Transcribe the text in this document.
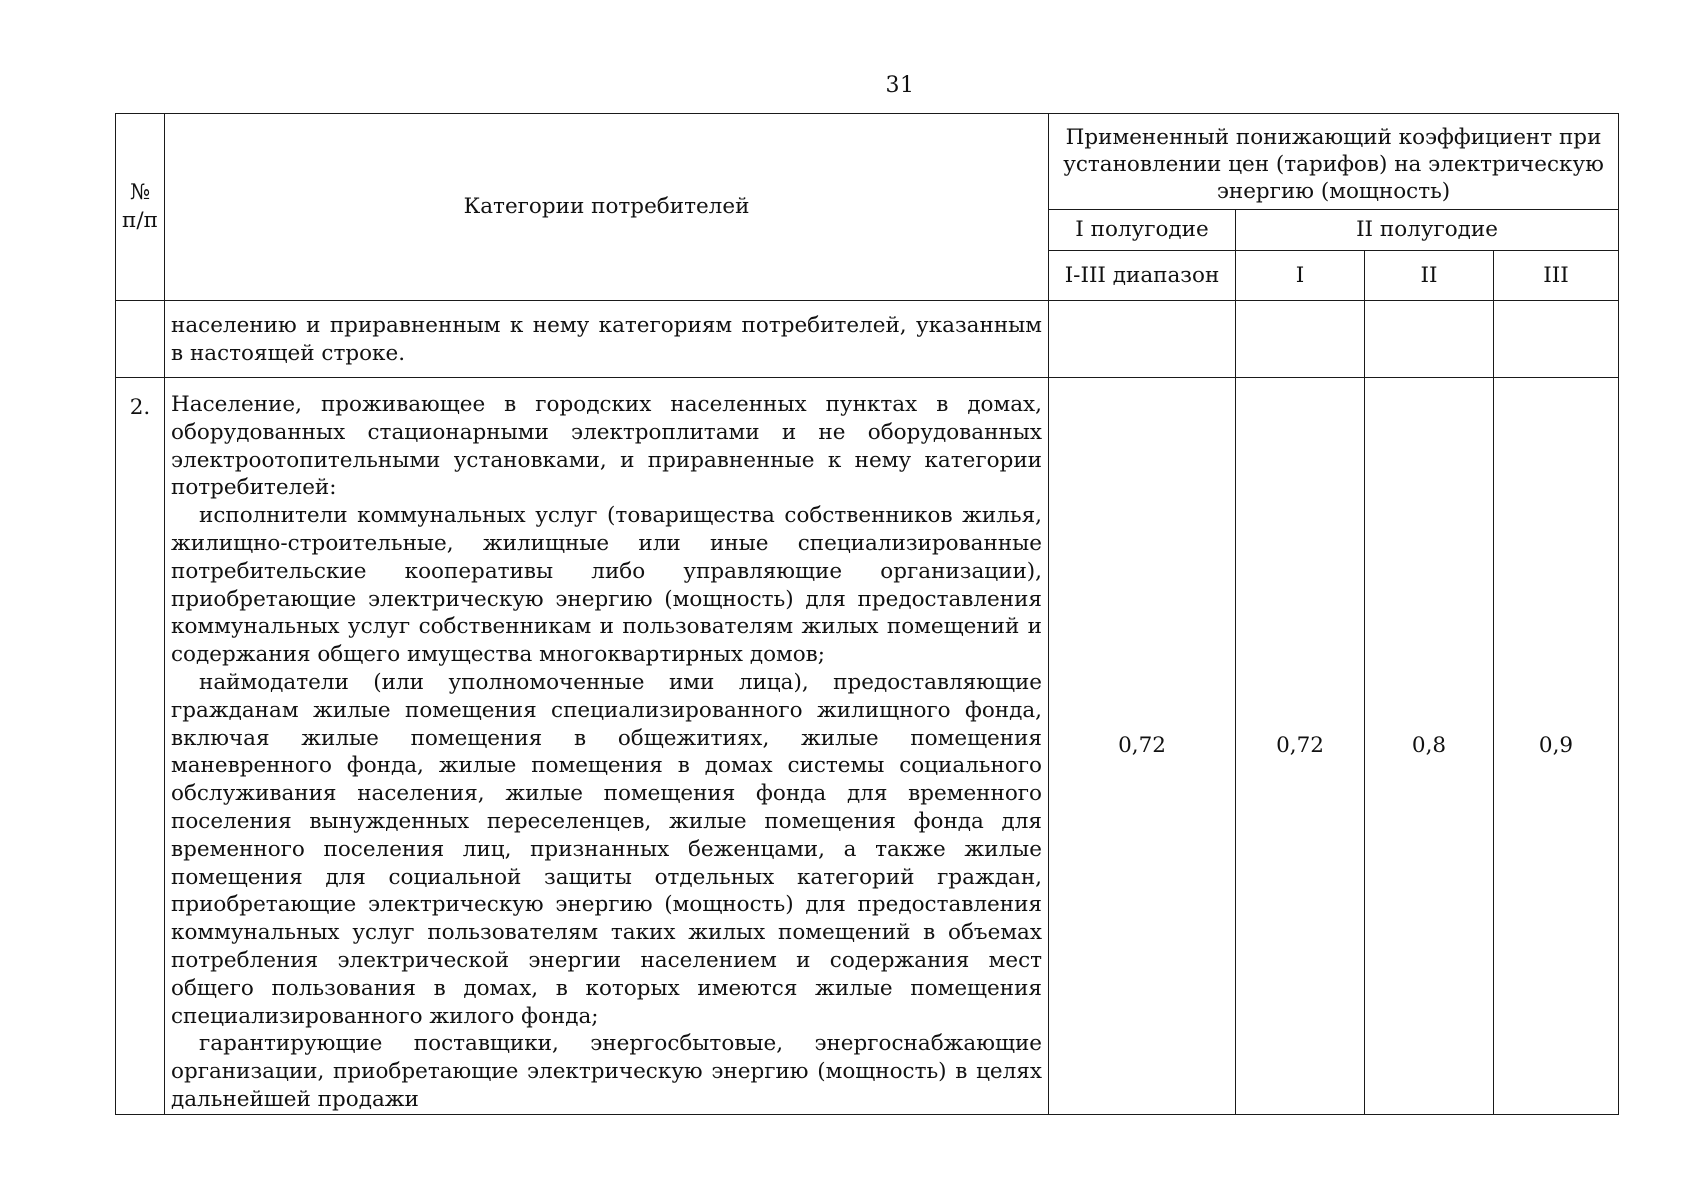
31
№
п/п	Категории потребителей	Примененный понижающий коэффициент при установлении цен (тарифов) на электрическую энергию (мощность)			
		I полугодие	II полугодие		
		I-III диапазон	I	II	III
	населению и приравненным к нему категориям потребителей, указанным в настоящей строке.				
2.	Население, проживающее в городских населенных пунктах в домах, оборудованных стационарными электроплитами и не оборудованных электроотопительными установками, и приравненные к нему категории потребителей:

исполнители коммунальных услуг (товарищества собственников жилья, жилищно-строительные, жилищные или иные специализированные потребительские кооперативы либо управляющие организации), приобретающие электрическую энергию (мощность) для предоставления коммунальных услуг собственникам и пользователям жилых помещений и содержания общего имущества многоквартирных домов;

наймодатели (или уполномоченные ими лица), предоставляющие гражданам жилые помещения специализированного жилищного фонда, включая жилые помещения в общежитиях, жилые помещения маневренного фонда, жилые помещения в домах системы социального обслуживания населения, жилые помещения фонда для временного поселения вынужденных переселенцев, жилые помещения фонда для временного поселения лиц, признанных беженцами, а также жилые помещения для социальной защиты отдельных категорий граждан, приобретающие электрическую энергию (мощность) для предоставления коммунальных услуг пользователям таких жилых помещений в объемах потребления электрической энергии населением и содержания мест общего пользования в домах, в которых имеются жилые помещения специализированного жилого фонда;

гарантирующие поставщики, энергосбытовые, энергоснабжающие организации, приобретающие электрическую энергию (мощность) в целях дальнейшей продажи	0,72	0,72	0,8	0,9
